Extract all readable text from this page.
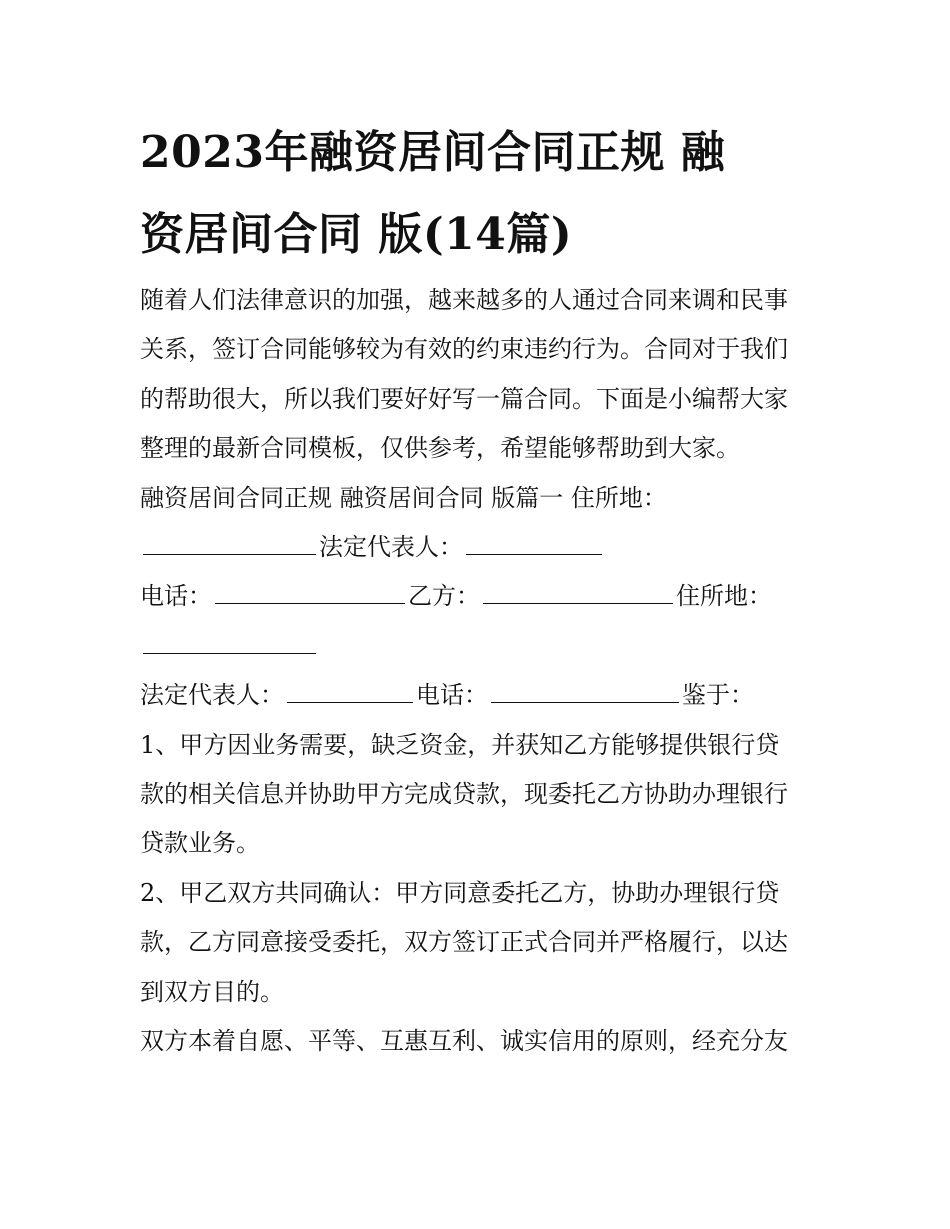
2023年融资居间合同正规 融
资居间合同 版(14篇)

随着人们法律意识的加强，越来越多的人通过合同来调和民事
关系，签订合同能够较为有效的约束违约行为。合同对于我们
的帮助很大，所以我们要好好写一篇合同。下面是小编帮大家
整理的最新合同模板，仅供参考，希望能够帮助到大家。

融资居间合同正规 融资居间合同 版篇一 住所地：
法定代表人：
电话：	乙方：	住所地：
法定代表人：	电话：	鉴于：

1、甲方因业务需要，缺乏资金，并获知乙方能够提供银行贷
款的相关信息并协助甲方完成贷款，现委托乙方协助办理银行
贷款业务。

2、甲乙双方共同确认：甲方同意委托乙方，协助办理银行贷
款，乙方同意接受委托，双方签订正式合同并严格履行，以达
到双方目的。

双方本着自愿、平等、互惠互利、诚实信用的原则，经充分友
